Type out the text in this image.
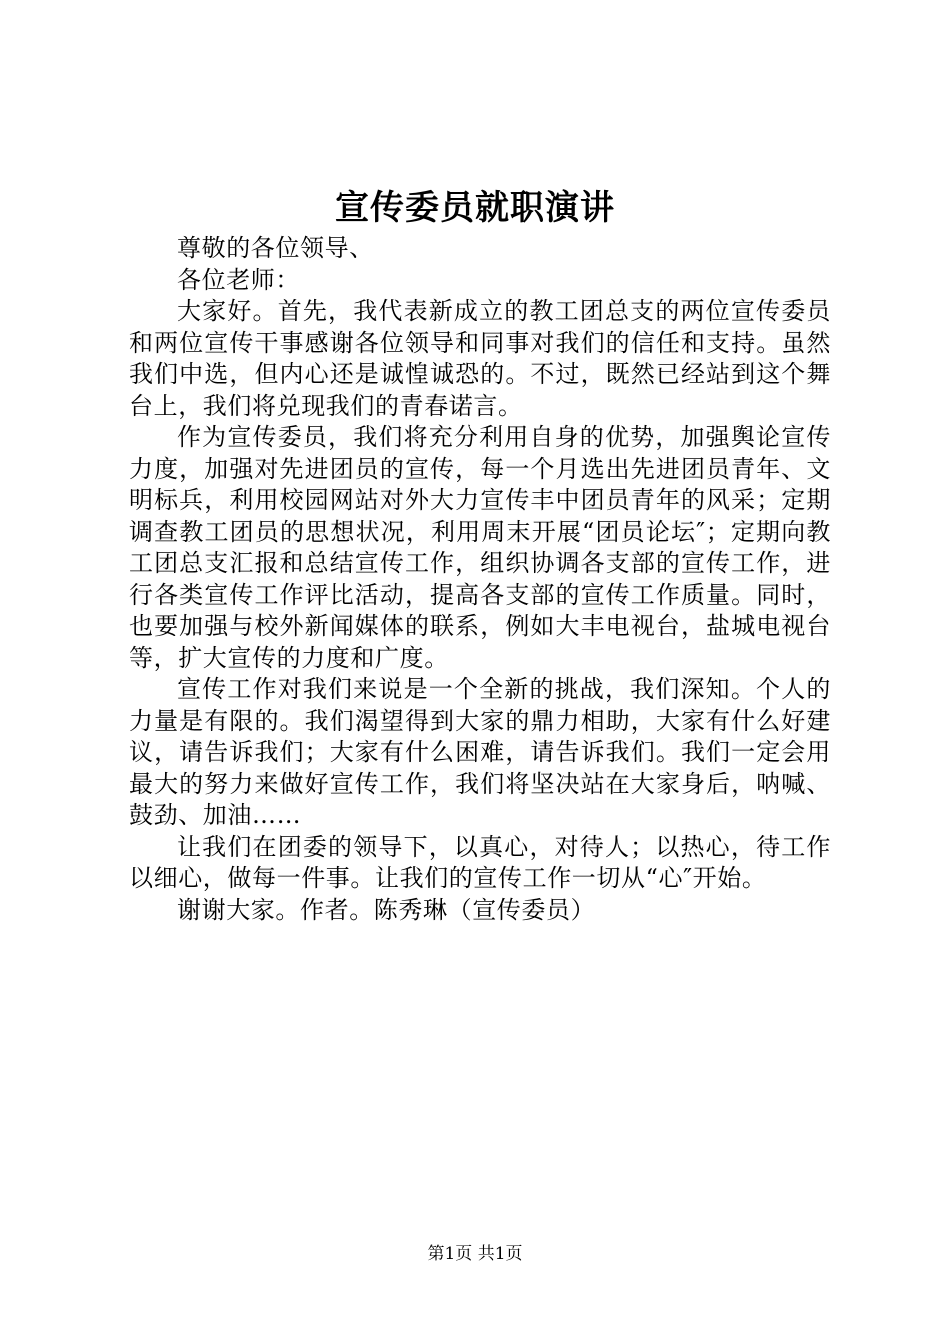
宣传委员就职演讲

尊敬的各位领导、

各位老师：

大家好。首先，我代表新成立的教工团总支的两位宣传委员和两位宣传干事感谢各位领导和同事对我们的信任和支持。虽然我们中选，但内心还是诚惶诚恐的。不过，既然已经站到这个舞台上，我们将兑现我们的青春诺言。

作为宣传委员，我们将充分利用自身的优势，加强舆论宣传力度，加强对先进团员的宣传，每一个月选出先进团员青年、文明标兵，利用校园网站对外大力宣传丰中团员青年的风采；定期调查教工团员的思想状况，利用周末开展“团员论坛″；定期向教工团总支汇报和总结宣传工作，组织协调各支部的宣传工作，进行各类宣传工作评比活动，提高各支部的宣传工作质量。同时，也要加强与校外新闻媒体的联系，例如大丰电视台，盐城电视台等，扩大宣传的力度和广度。

宣传工作对我们来说是一个全新的挑战，我们深知。个人的力量是有限的。我们渴望得到大家的鼎力相助，大家有什么好建议，请告诉我们；大家有什么困难，请告诉我们。我们一定会用最大的努力来做好宣传工作，我们将坚决站在大家身后，呐喊、鼓劲、加油……

让我们在团委的领导下，以真心，对待人；以热心，待工作以细心，做每一件事。让我们的宣传工作一切从“心″开始。

谢谢大家。作者。陈秀琳（宣传委员）

第1页 共1页
